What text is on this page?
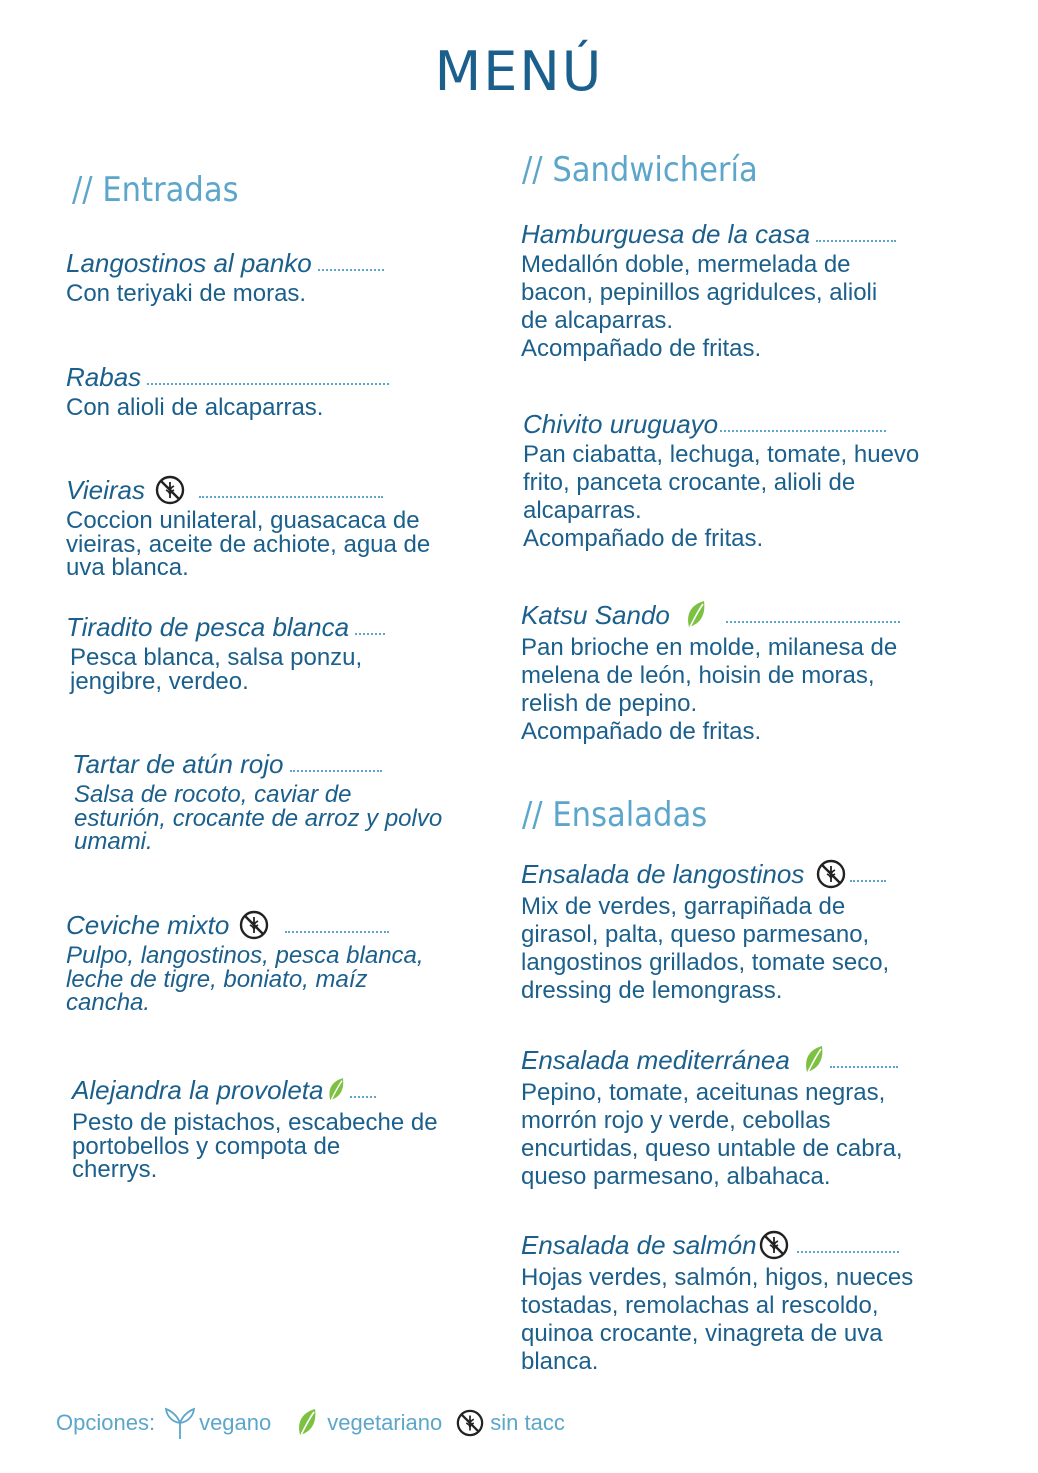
MENÚ
// Entradas
Langostinos al panko
Con teriyaki de moras.
Rabas
Con alioli de alcaparras.
Vieiras
Coccion unilateral, guasacaca de
vieiras, aceite de achiote, agua de
uva blanca.
Tiradito de pesca blanca
Pesca blanca, salsa ponzu,
jengibre, verdeo.
Tartar de atún rojo
Salsa de rocoto, caviar de
esturión, crocante de arroz y polvo
umami.
Ceviche mixto
Pulpo, langostinos, pesca blanca,
leche de tigre, boniato, maíz
cancha.
Alejandra la provoleta
Pesto de pistachos, escabeche de
portobellos y compota de
cherrys.
// Sandwichería
Hamburguesa de la casa
Medallón doble, mermelada de
bacon, pepinillos agridulces, alioli
de alcaparras.
Acompañado de fritas.
Chivito uruguayo
Pan ciabatta, lechuga, tomate, huevo
frito, panceta crocante, alioli de
alcaparras.
Acompañado de fritas.
Katsu Sando
Pan brioche en molde, milanesa de
melena de león, hoisin de moras,
relish de pepino.
Acompañado de fritas.
// Ensaladas
Ensalada de langostinos
Mix de verdes, garrapiñada de
girasol, palta, queso parmesano,
langostinos grillados, tomate seco,
dressing de lemongrass.
Ensalada mediterránea
Pepino, tomate, aceitunas negras,
morrón rojo y verde, cebollas
encurtidas, queso untable de cabra,
queso parmesano, albahaca.
Ensalada de salmón
Hojas verdes, salmón, higos, nueces
tostadas, remolachas al rescoldo,
quinoa crocante, vinagreta de uva
blanca.
Opciones: vegano	vegetariano sin tacc
